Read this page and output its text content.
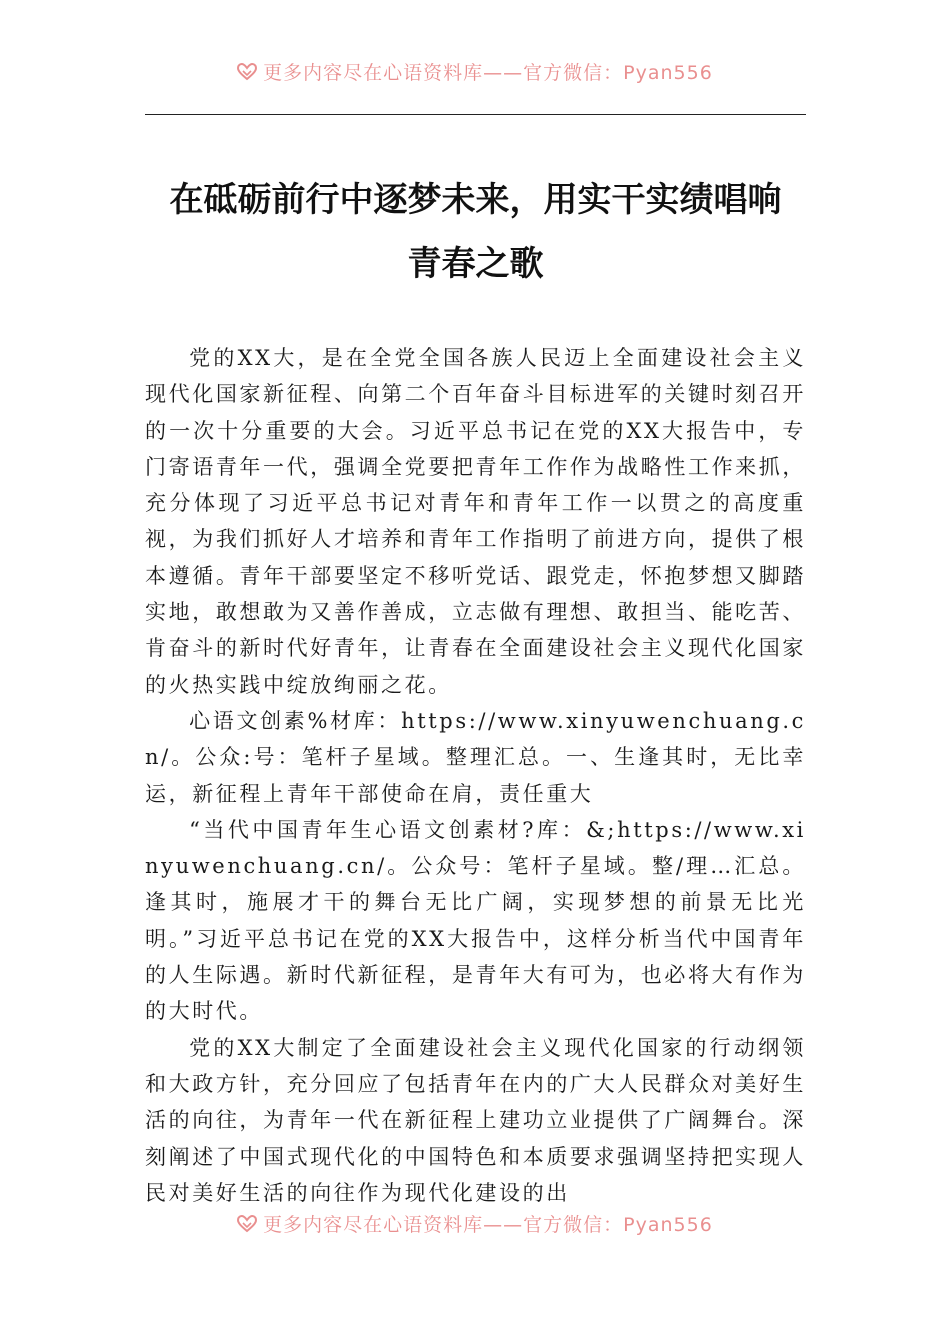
更多内容尽在心语资料库——官方微信：Pyan556
在砥砺前行中逐梦未来，用实干实绩唱响
青春之歌

党的XX大，是在全党全国各族人民迈上全面建设社会主义现代化国家新征程、向第二个百年奋斗目标进军的关键时刻召开的一次十分重要的大会。习近平总书记在党的XX大报告中，专门寄语青年一代，强调全党要把青年工作作为战略性工作来抓，充分体现了习近平总书记对青年和青年工作一以贯之的高度重视，为我们抓好人才培养和青年工作指明了前进方向，提供了根本遵循。青年干部要坚定不移听党话、跟党走，怀抱梦想又脚踏实地，敢想敢为又善作善成，立志做有理想、敢担当、能吃苦、肯奋斗的新时代好青年，让青春在全面建设社会主义现代化国家的火热实践中绽放绚丽之花。

心语文创素%材库：https://www.xinyuwenchuang.cn/。公众:号：笔杆子星域。整理汇总。一、生逢其时，无比幸运，新征程上青年干部使命在肩，责任重大

“当代中国青年生心语文创素材?库：&;https://www.xinyuwenchuang.cn/。公众号：笔杆子星域。整/理…汇总。逢其时，施展才干的舞台无比广阔，实现梦想的前景无比光明。”习近平总书记在党的XX大报告中，这样分析当代中国青年的人生际遇。新时代新征程，是青年大有可为，也必将大有作为的大时代。

党的XX大制定了全面建设社会主义现代化国家的行动纲领和大政方针，充分回应了包括青年在内的广大人民群众对美好生活的向往，为青年一代在新征程上建功立业提供了广阔舞台。深刻阐述了中国式现代化的中国特色和本质要求强调坚持把实现人民对美好生活的向往作为现代化建设的出

更多内容尽在心语资料库——官方微信：Pyan556
